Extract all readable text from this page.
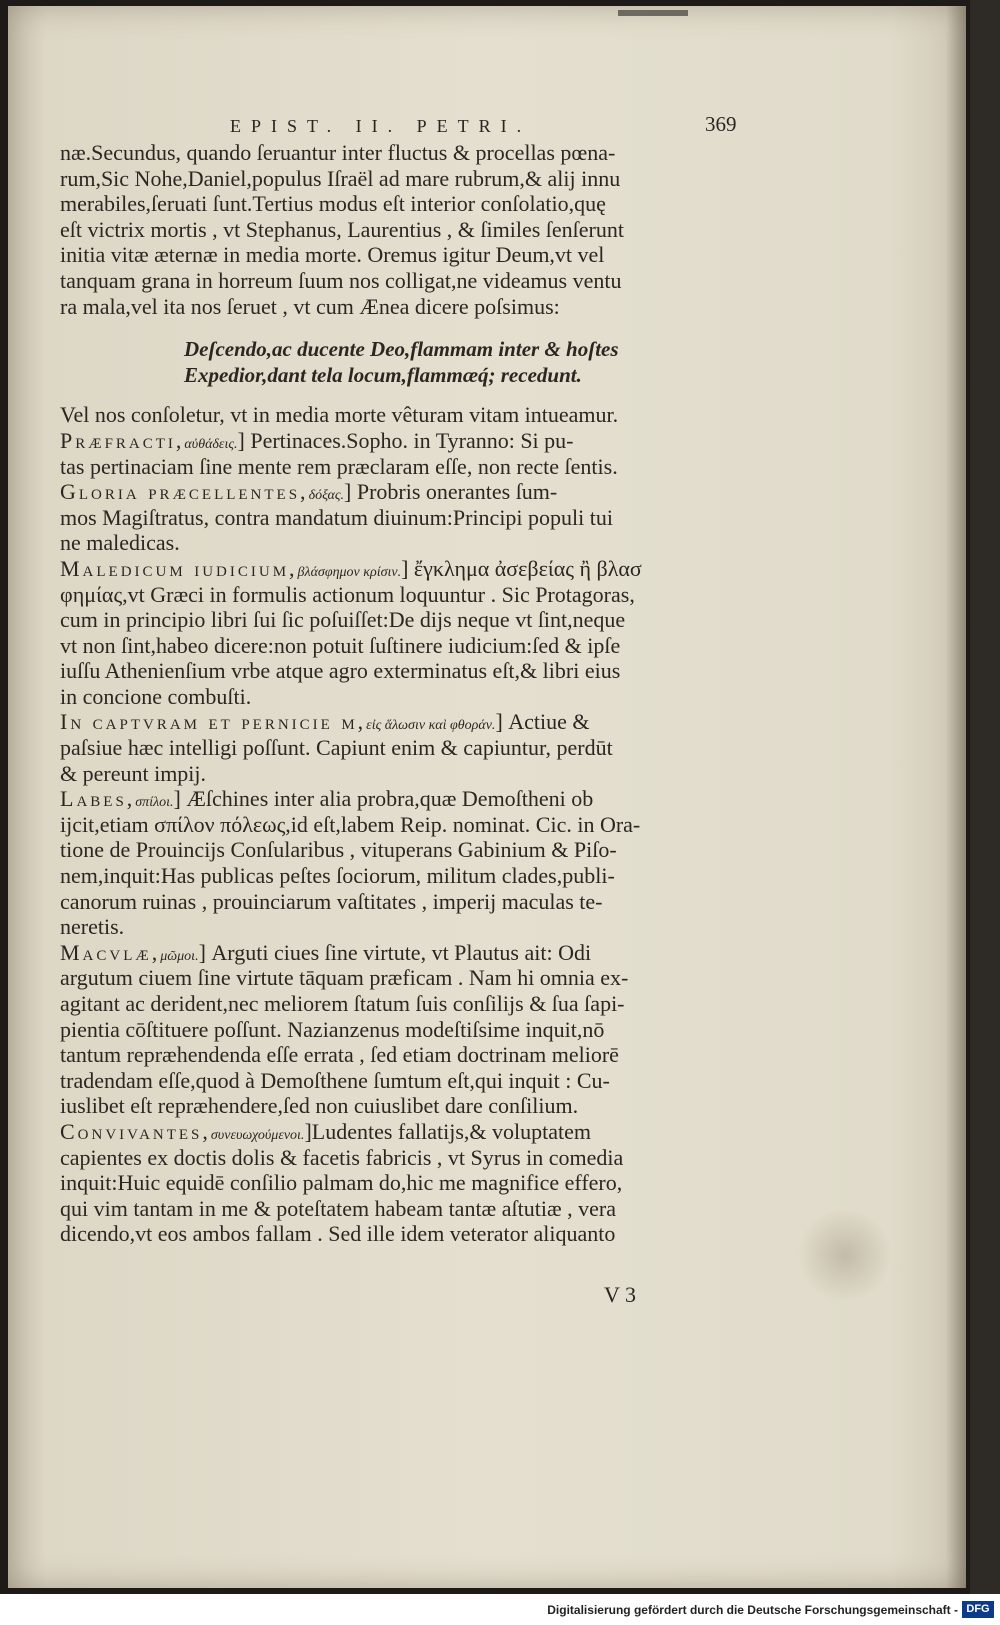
EPIST. II. PETRI.	369
næ.Secundus, quando ſeruantur inter fluctus & procellas pœna-
rum,Sic Nohe,Daniel,populus Iſraël ad mare rubrum,& alij innu
merabiles,ſeruati ſunt.Tertius modus eſt interior conſolatio,quę
eſt victrix mortis , vt Stephanus, Laurentius , & ſimiles ſenſerunt
initia vitæ æternæ in media morte. Oremus igitur Deum,vt vel
tanquam grana in horreum ſuum nos colligat,ne videamus ventu
ra mala,vel ita nos ſeruet , vt cum Ænea dicere poſsimus:
Deſcendo,ac ducente Deo,flammam inter & hoſtes
Expedior,dant tela locum,flammæq́; recedunt.
Vel nos conſoletur, vt in media morte vêturam vitam intueamur.
Præfracti,αὐθάδεις.] Pertinaces.Sopho. in Tyranno: Si pu-
tas pertinaciam ſine mente rem præclaram eſſe, non recte ſentis.
Gloria præcellentes,δόξας.] Probris onerantes ſum-
mos Magiſtratus, contra mandatum diuinum:Principi populi tui
ne maledicas.
Maledicum iudicium,βλάσφημον κρίσιν.] ἔγκλημα ἀσεβείας ἢ βλασ
φημίας,vt Græci in formulis actionum loquuntur . Sic Protagoras,
cum in principio libri ſui ſic poſuiſſet:De dijs neque vt ſint,neque
vt non ſint,habeo dicere:non potuit ſuſtinere iudicium:ſed & ipſe
iuſſu Athenienſium vrbe atque agro exterminatus eſt,& libri eius
in concione combuſti.
In captvram et pernicie m,εἰς ἅλωσιν καὶ φθοράν.] Actiue &
paſsiue hæc intelligi poſſunt. Capiunt enim & capiuntur, perdūt
& pereunt impij.
Labes,σπίλοι.] Æſchines inter alia probra,quæ Demoſtheni ob
ijcit,etiam σπίλον πόλεως,id eſt,labem Reip. nominat. Cic. in Ora-
tione de Prouincijs Conſularibus , vituperans Gabinium & Piſo-
nem,inquit:Has publicas peſtes ſociorum, militum clades,publi-
canorum ruinas , prouinciarum vaſtitates , imperij maculas te-
neretis.
Macvlæ,μῶμοι.] Arguti ciues ſine virtute, vt Plautus ait: Odi
argutum ciuem ſine virtute tāquam præficam . Nam hi omnia ex-
agitant ac derident,nec meliorem ſtatum ſuis conſilijs & ſua ſapi-
pientia cōſtituere poſſunt. Nazianzenus modeſtiſsime inquit,nō
tantum repræhendenda eſſe errata , ſed etiam doctrinam meliorē
tradendam eſſe,quod à Demoſthene ſumtum eſt,qui inquit : Cu-
iuslibet eſt repræhendere,ſed non cuiuslibet dare conſilium.
Convivantes,συνευωχούμενοι.]Ludentes fallatijs,& voluptatem
capientes ex doctis dolis & facetis fabricis , vt Syrus in comedia
inquit:Huic equidē conſilio palmam do,hic me magnifice effero,
qui vim tantam in me & poteſtatem habeam tantæ aſtutiæ , vera
dicendo,vt eos ambos fallam . Sed ille idem veterator aliquanto
V 3
Digitalisierung gefördert durch die Deutsche Forschungsgemeinschaft - DFG
